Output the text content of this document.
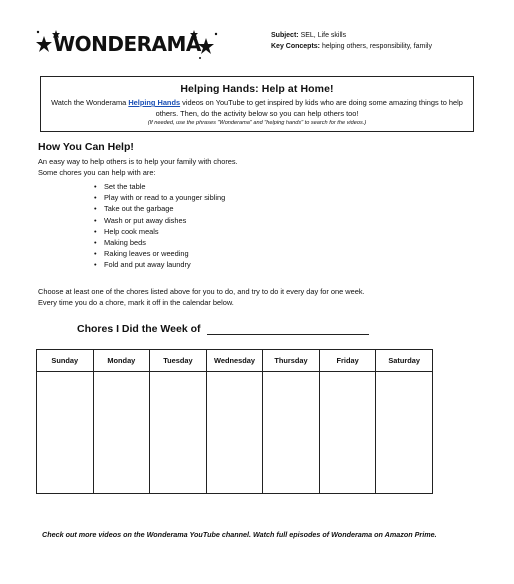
WONDERAMA	Subject: SEL, Life skills
Key Concepts: helping others, responsibility, family
Helping Hands: Help at Home!
Watch the Wonderama Helping Hands videos on YouTube to get inspired by kids who are doing some amazing things to help others. Then, do the activity below so you can help others too!
(If needed, use the phrases "Wonderama" and "helping hands" to search for the videos.)
How You Can Help!
An easy way to help others is to help your family with chores.
Some chores you can help with are:
• Set the table
• Play with or read to a younger sibling
• Take out the garbage
• Wash or put away dishes
• Help cook meals
• Making beds
• Raking leaves or weeding
• Fold and put away laundry
Choose at least one of the chores listed above for you to do, and try to do it every day for one week.
Every time you do a chore, mark it off in the calendar below.
Chores I Did the Week of
Sunday	Monday	Tuesday	Wednesday	Thursday	Friday	Saturday

Check out more videos on the Wonderama YouTube channel. Watch full episodes of Wonderama on Amazon Prime.
